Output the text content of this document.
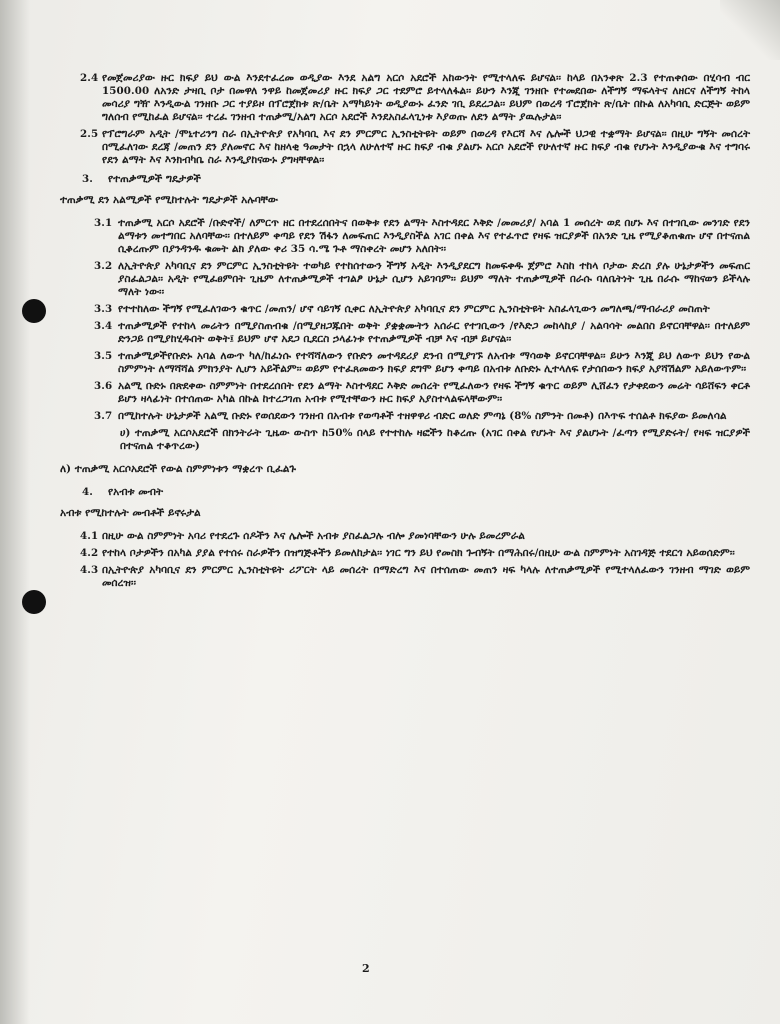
2.4 የመጀመሪያው ዙር ክፍያ ይህ ውል እንደተፈረመ ወዲያው እንደ አልግ አርሶ አደሮች አከውንት የሚተላለፍ ይሆናል፡፡ ከላይ በአንቀጽ 2.3 የተጠቀሰው በሂሳብ ብር 1500.00 ለአንድ ታዛቢ ቦታ በመዋለ ንዋይ ከመጀመሪያ ዙር ክፍያ ጋር ተደምሮ ይተላለፋል፡፡ ይሁን እንጂ ገንዘቡ የተመደበው ለችግኝ ማፍላትና ለዘርና ለችግኝ ትከላ መሳሪያ ግዥ እንዲውል ገንዘቡ ጋር ተያይዞ በፕሮጀክቱ ጽ/ቤት አማካይነት ወዲያውኑ ፈንድ ገቢ ይደረጋል፡፡ ይህም በወረዳ ፕሮጀክት ጽ/ቤት በኩል ለአካባቢ ድርጅት ወይም ግለሰብ የሚከፈል ይሆናል፡፡ ተረፈ ገንዘብ ተጠቃሚ/አልግ አርሶ አደሮች እንደአስፈላጊነቱ እያወጡ ለደን ልማት ያዉሉታል፡፡
2.5 የፕሮግራም አዲት /ሞኒተሪንግ ስራ በኢትዮጵያ የአካባቢ እና ደን ምርምር ኢንስቲትዩት ወይም በወረዳ የእርሻ እና ሌሎች ህጋዊ ተቋማት ይሆናል፡፡ በዚሁ ግኝት መሰረት በሚፈለገው ደረጃ /መጠን ደን ያለመኖር እና ከዘላቂ ዓመታት በኋላ ለሁለተኛ ዙር ክፍያ ብቁ ያልሆኑ አርሶ አደሮች የሁለተኛ ዙር ክፍያ ብቁ የሆኑት እንዲያውቁ እና ተግባሩ የደን ልማት እና እንክብካቤ ስራ እንዲያከናውኑ ያግዛቸዋል፡፡
3. የተጠቃሚዎች ግዴታዎች
ተጠቃሚ ደን አልሚዎች የሚከተሉት ግዴታዎች አሉባቸው
3.1 ተጠቃሚ አርሶ አደሮች /ቡድኖች/ ለምርጥ ዘር በተደረሰበትና በወቅቱ የደን ልማት እስተዳደር እቅድ /መመሪያ/ አባል 1 መሰረት ወደ በሆኑ እና በተገቢው መንገድ የደን ልማቱን መተግበር አለባቸው፡፡ በተለይም ቀጣይ የደን ሽፋን ለመፍጠር እንዲያስችል አገር በቀል እና የተፈጥሮ የዛፍ ዝርያዎች በአንድ ጊዜ የሚያቆጠቁጡ ሆኖ በተናጠል ሲቆረጡም በያንዳንዱ ቁመት ልክ ያለው ቀሪ 35 ሳ.ሜ ጉቶ ማስቀረት መሆን አለበት፡፡
3.2 ለኢትዮጵያ አካባቢና ደን ምርምር ኢንስቲትዩት ተወካይ የተከሰተውን ችግኝ አዲት እንዲያደርግ ከመፍቀዱ ጀምሮ እስከ ተከላ ቦታው ድረስ ያሉ ሁኔታዎችን መፍጠር ያስፈልጋል፡፡ አዲት የሚፈፀምበት ጊዜም ለተጠቃሚዎች ተገልፆ ሁኔታ ሲሆን አይገባም፡፡ ይህም ማለት ተጠቃሚዎች በራሱ ባለቤትነት ጊዜ በራሱ ማከናወን ይችላሉ ማለት ነው፡፡
3.3 የተተከለው ችግኝ የሚፈለገውን ቁጥር /መጠን/ ሆኖ ሳይገኝ ሲቀር ለኢትዮጵያ አካባቢና ደን ምርምር ኢንስቲትዩት አስፈላጊውን መግለጫ/ማብራሪያ መስጠት
3.4 ተጠቃሚዎች የተከላ መሬትን በሚያስጠብቁ /በሚያዘጋጁበት ወቅት ያቋቋሙትን አሰራር የተገቢውን /የእድጋ መከላከያ / አልባሳት መልበስ ይኖርባቸዋል፡፡ በተለይም ድንጋይ በሚያከሂዱበት ወቅት፤ ይህም ሆኖ አደጋ ቢደርስ ኃላፊነቱ የተጠቃሚዎች ብቻ እና ብቻ ይሆናል፡፡
3.5 ተጠቃሚዎችየቡድኑ አባል ለውጥ ካለ/ከፈነሱ የተሻሻለውን የቡድን መተዳደሪያ ደንብ በሚያገኙ ለአብቱ ማሳወቅ ይኖርባቸዋል፡፡ ይሁን እንጂ ይህ ለውጥ ይህን የውል ስምምነት ለማሻሻል ምክንያት ሊሆን አይችልም፡፡ ወይም የተፈጸመውን ክፍያ ደግሞ ይሆን ቀጣይ በአብቱ ለቡድኑ ሊተላለፍ የታሰበውን ክፍያ አያሻሽልም አይለውጥም፡፡
3.6 አልሚ ቡድኑ በጽደቀው ስምምነት በተደረሰበት የደን ልማት እስተዳደር እቅድ መሰረት የሚፈለውን የዛፍ ችግኝ ቁጥር ወይም ሊሸፈን የታቀደውን መሬት ሳይሸፍን ቀርቶ ይሆን ዛላፊነት በተሰጠው አካል በኩል ከተረጋገጠ አብቱ የሚተቸውን ዙር ክፍያ አያስተላልፍላቸውም፡፡
3.7 በሚከተሉት ሁኔታዎች አልሚ ቡድኑ የወሰደውን ገንዘብ በአብቱ የወጣቶች ተዘዋዋሪ ብድር ወለድ ምጣኔ (8% ስምንት በመቶ) በእጥፍ ተሰልቶ ክፍያው ይመለሳል
ሀ) ተጠቃሚ አርሶአደሮች በክንትራት ጊዜው ውስጥ ከ50% በላይ የተተከሉ ዛፎችን ከቆረጡ (አገር በቀል የሆኑት እና ያልሆኑት /ፈጣን የሚያድሩት/ የዛፍ ዝርያዎች በተናጠል ተቆጥረው)
ለ) ተጠቃሚ አርሶአደሮች የውል ስምምነቱን ማቋረጥ ቢፈልጉ
4. የአብቱ መብት
አብቱ የሚከተሉት መብቶች ይኖሩታል
4.1 በዚሁ ውል ስምምነት አባሪ የተደረጉ ሰዶችን እና ሌሎች አብቱ ያስፈልጋሉ ብሎ ያመነባቸውን ሁሉ ይመረምራል
4.2 የተከላ ቦታዎችን በአካል ያያል የተሰሩ ስራዎችን በዝግጅቶችን ይመለከታል፡፡ ነገር ግን ይህ የመስክ ጉብኝት በማሕበሩ/በዚሁ ውል ስምምነት አስገዳጅ ተደርጎ አይወሰድም፡፡
4.3 በኢትዮጵያ አካባቢና ደን ምርምር ኢንስቲትዩት ሪፖርት ላይ መሰረት በማድረግ እና በተሰጠው መጠን ዛፍ ካላሉ ለተጠቃሚዎች የሚተላለፈውን ገንዘብ ማገድ ወይም መሰረዝ፡፡
2
